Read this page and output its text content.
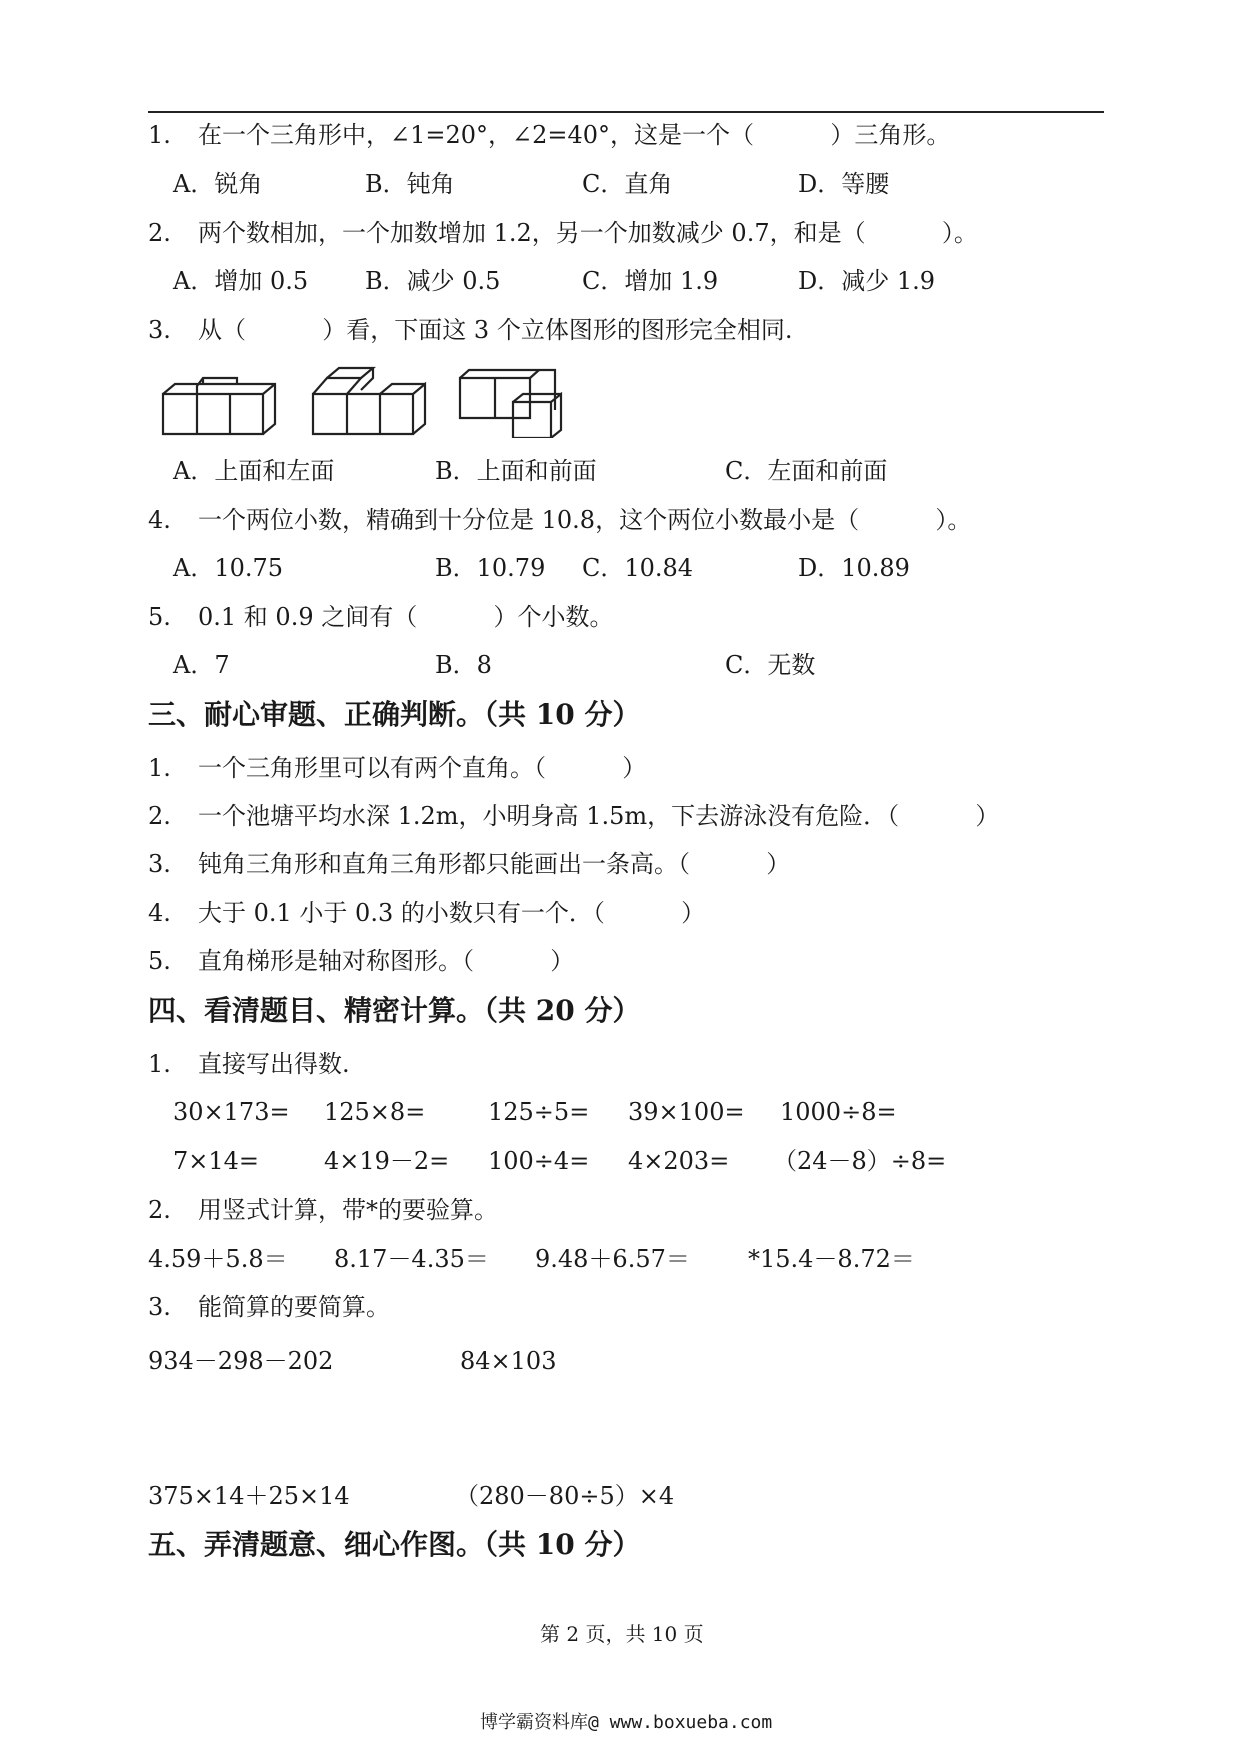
1. 在一个三角形中，∠1=20°，∠2=40°，这是一个（          ）三角形。
A．锐角	B．钝角	C．直角	D．等腰
2. 两个数相加，一个加数增加 1.2，另一个加数减少 0.7，和是（          ）。
A．增加 0.5 B．减少 0.5	C．增加 1.9	D．减少 1.9
3. 从（          ）看，下面这 3 个立体图形的图形完全相同.
A．上面和左面	B．上面和前面	C．左面和前面
4. 一个两位小数，精确到十分位是 10.8，这个两位小数最小是（          ）。
A．10.75	B．10.79 C．10.84	D．10.89
5. 0.1 和 0.9 之间有（          ）个小数。
A．7	B．8	C．无数
三、耐心审题、正确判断。（共 10 分）
1. 一个三角形里可以有两个直角。（          ）
2. 一个池塘平均水深 1.2m，小明身高 1.5m，下去游泳没有危险．（          ）
3. 钝角三角形和直角三角形都只能画出一条高。（          ）
4. 大于 0.1 小于 0.3 的小数只有一个．（          ）
5. 直角梯形是轴对称图形。（          ）
四、看清题目、精密计算。（共 20 分）
1. 直接写出得数.
30×173= 125×8=	125÷5= 39×100= 1000÷8=
7×14=	4×19－2= 100÷4= 4×203= （24－8）÷8=
2. 用竖式计算，带*的要验算。
4.59＋5.8＝ 8.17－4.35＝ 9.48＋6.57＝ *15.4－8.72＝
3. 能简算的要简算。
934－298－202	84×103
375×14＋25×14	（280－80÷5）×4
五、弄清题意、细心作图。（共 10 分）
第 2 页，共 10 页
博学霸资料库@ www.boxueba.com
